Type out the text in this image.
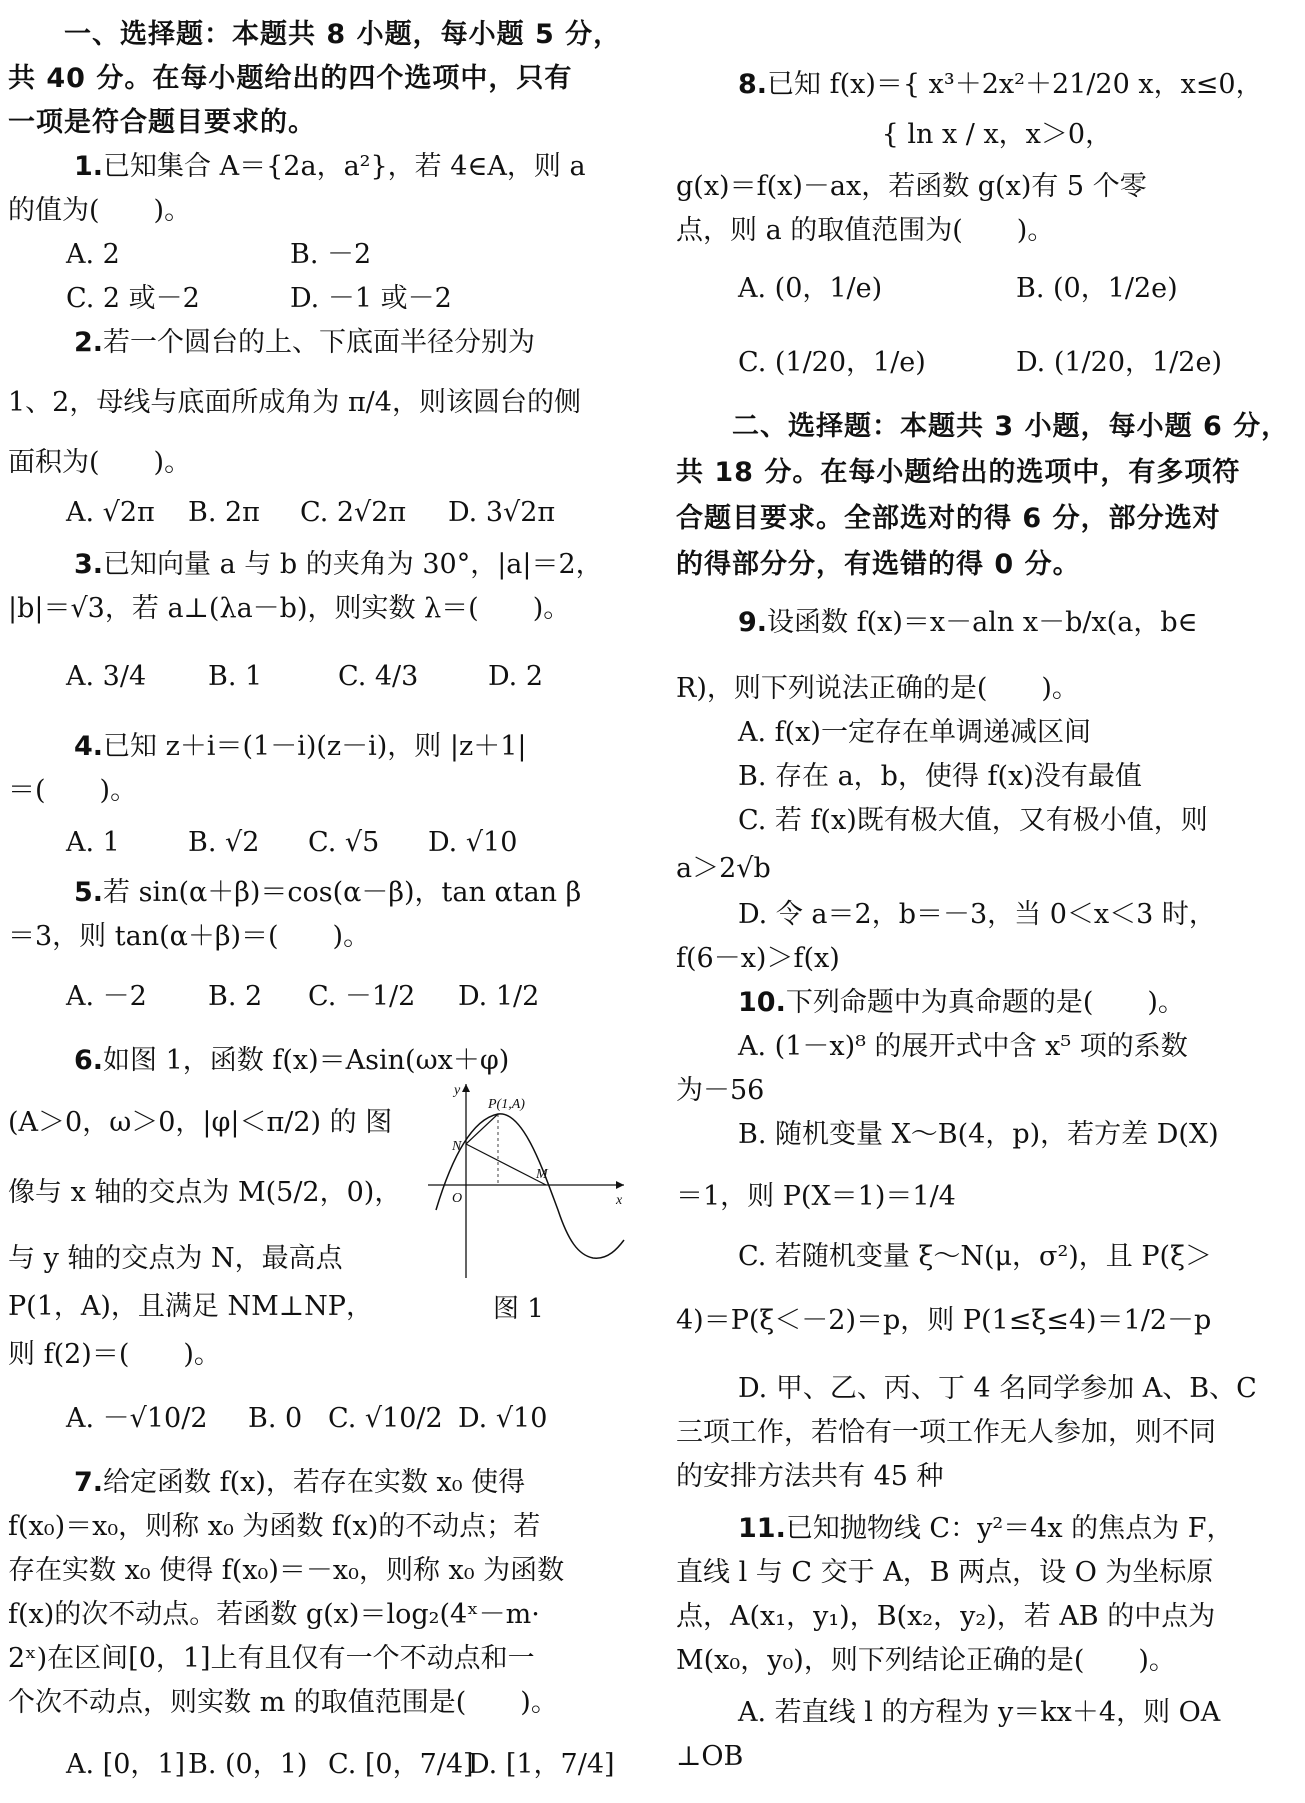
一、选择题：本题共 8 小题，每小题 5 分，
共 40 分。在每小题给出的四个选项中，只有
一项是符合题目要求的。
1.已知集合 A＝{2a，a²}，若 4∈A，则 a
的值为(　　)。
A. 2	B. －2
C. 2 或－2	D. －1 或－2
2.若一个圆台的上、下底面半径分别为
1、2，母线与底面所成角为 π/4，则该圆台的侧
面积为(　　)。
A. √2π B. 2π C. 2√2π D. 3√2π
3.已知向量 a 与 b 的夹角为 30°，|a|＝2，
|b|＝√3，若 a⊥(λa－b)，则实数 λ＝(　　)。
A. 3/4 B. 1	C. 4/3	D. 2
4.已知 z＋i＝(1－i)(z－i)，则 |z＋1|
＝(　　)。
A. 1	B. √2 C. √5 D. √10
5.若 sin(α＋β)＝cos(α－β)，tan αtan β
＝3，则 tan(α＋β)＝(　　)。
A. －2 B. 2 C. －1/2 D. 1/2
6.如图 1，函数 f(x)＝Asin(ωx＋φ)
(A＞0，ω＞0，|φ|＜π/2) 的 图
像与 x 轴的交点为 M(5/2，0)，
与 y 轴的交点为 N，最高点
P(1，A)，且满足 NM⊥NP，
则 f(2)＝(　　)。
y
x
O
N
M
P(1,A)
图 1
A. －√10/2 B. 0 C. √10/2 D. √10
7.给定函数 f(x)，若存在实数 x₀ 使得
f(x₀)＝x₀，则称 x₀ 为函数 f(x)的不动点；若
存在实数 x₀ 使得 f(x₀)＝－x₀，则称 x₀ 为函数
f(x)的次不动点。若函数 g(x)＝log₂(4ˣ－m·
2ˣ)在区间[0，1]上有且仅有一个不动点和一
个次不动点，则实数 m 的取值范围是(　　)。
A. [0，1] B. (0，1) C. [0，7/4]
D. [1，7/4]
8.已知 f(x)＝{ x³＋2x²＋21/20 x，x≤0，
　　　　　 { ln x / x，x＞0，
g(x)＝f(x)－ax，若函数 g(x)有 5 个零
点，则 a 的取值范围为(　　)。
A. (0，1/e)	B. (0，1/2e)
C. (1/20，1/e)	D. (1/20，1/2e)
二、选择题：本题共 3 小题，每小题 6 分，
共 18 分。在每小题给出的选项中，有多项符
合题目要求。全部选对的得 6 分，部分选对
的得部分分，有选错的得 0 分。
9.设函数 f(x)＝x－aln x－b/x(a，b∈
R)，则下列说法正确的是(　　)。
A. f(x)一定存在单调递减区间
B. 存在 a，b，使得 f(x)没有最值
C. 若 f(x)既有极大值，又有极小值，则
a＞2√b
D. 令 a＝2，b＝－3，当 0＜x＜3 时，
f(6－x)＞f(x)
10.下列命题中为真命题的是(　　)。
A. (1－x)⁸ 的展开式中含 x⁵ 项的系数
为－56
B. 随机变量 X～B(4，p)，若方差 D(X)
＝1，则 P(X＝1)＝1/4
C. 若随机变量 ξ～N(μ，σ²)，且 P(ξ＞
4)＝P(ξ＜－2)＝p，则 P(1≤ξ≤4)＝1/2－p
D. 甲、乙、丙、丁 4 名同学参加 A、B、C
三项工作，若恰有一项工作无人参加，则不同
的安排方法共有 45 种
11.已知抛物线 C：y²＝4x 的焦点为 F，
直线 l 与 C 交于 A，B 两点，设 O 为坐标原
点，A(x₁，y₁)，B(x₂，y₂)，若 AB 的中点为
M(x₀，y₀)，则下列结论正确的是(　　)。
A. 若直线 l 的方程为 y＝kx＋4，则 OA
⊥OB
